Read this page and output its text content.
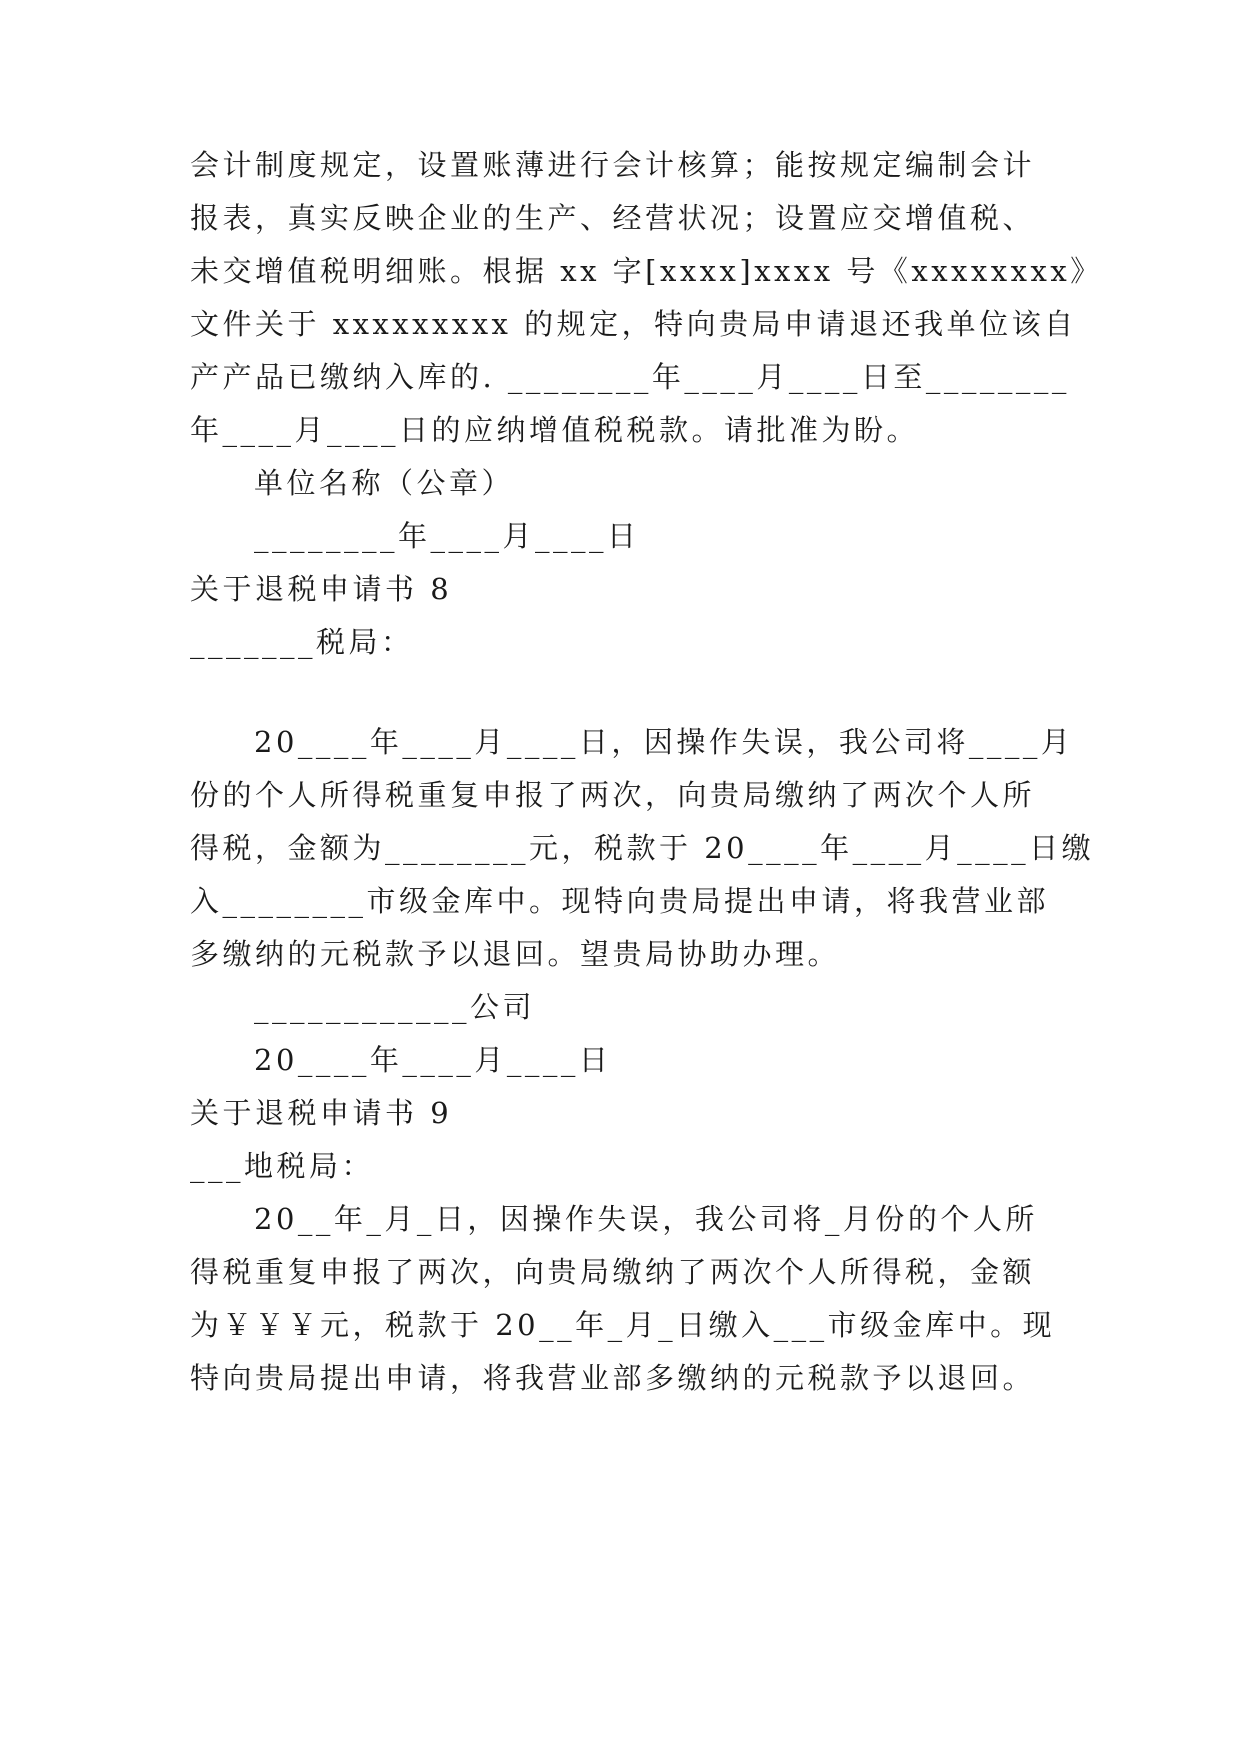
会计制度规定，设置账薄进行会计核算；能按规定编制会计
报表，真实反映企业的生产、经营状况；设置应交增值税、
未交增值税明细账。根据 xx 字[xxxx]xxxx 号《xxxxxxxx》
文件关于 xxxxxxxxx 的规定，特向贵局申请退还我单位该自
产产品已缴纳入库的. ________年____月____日至________
年____月____日的应纳增值税税款。请批准为盼。
单位名称（公章）
________年____月____日
关于退税申请书 8
_______税局：
20____年____月____日，因操作失误，我公司将____月
份的个人所得税重复申报了两次，向贵局缴纳了两次个人所
得税，金额为________元，税款于 20____年____月____日缴
入________市级金库中。现特向贵局提出申请，将我营业部
多缴纳的元税款予以退回。望贵局协助办理。
____________公司
20____年____月____日
关于退税申请书 9
___地税局：
20__年_月_日，因操作失误，我公司将_月份的个人所
得税重复申报了两次，向贵局缴纳了两次个人所得税，金额
为￥￥￥元，税款于 20__年_月_日缴入___市级金库中。现
特向贵局提出申请，将我营业部多缴纳的元税款予以退回。
